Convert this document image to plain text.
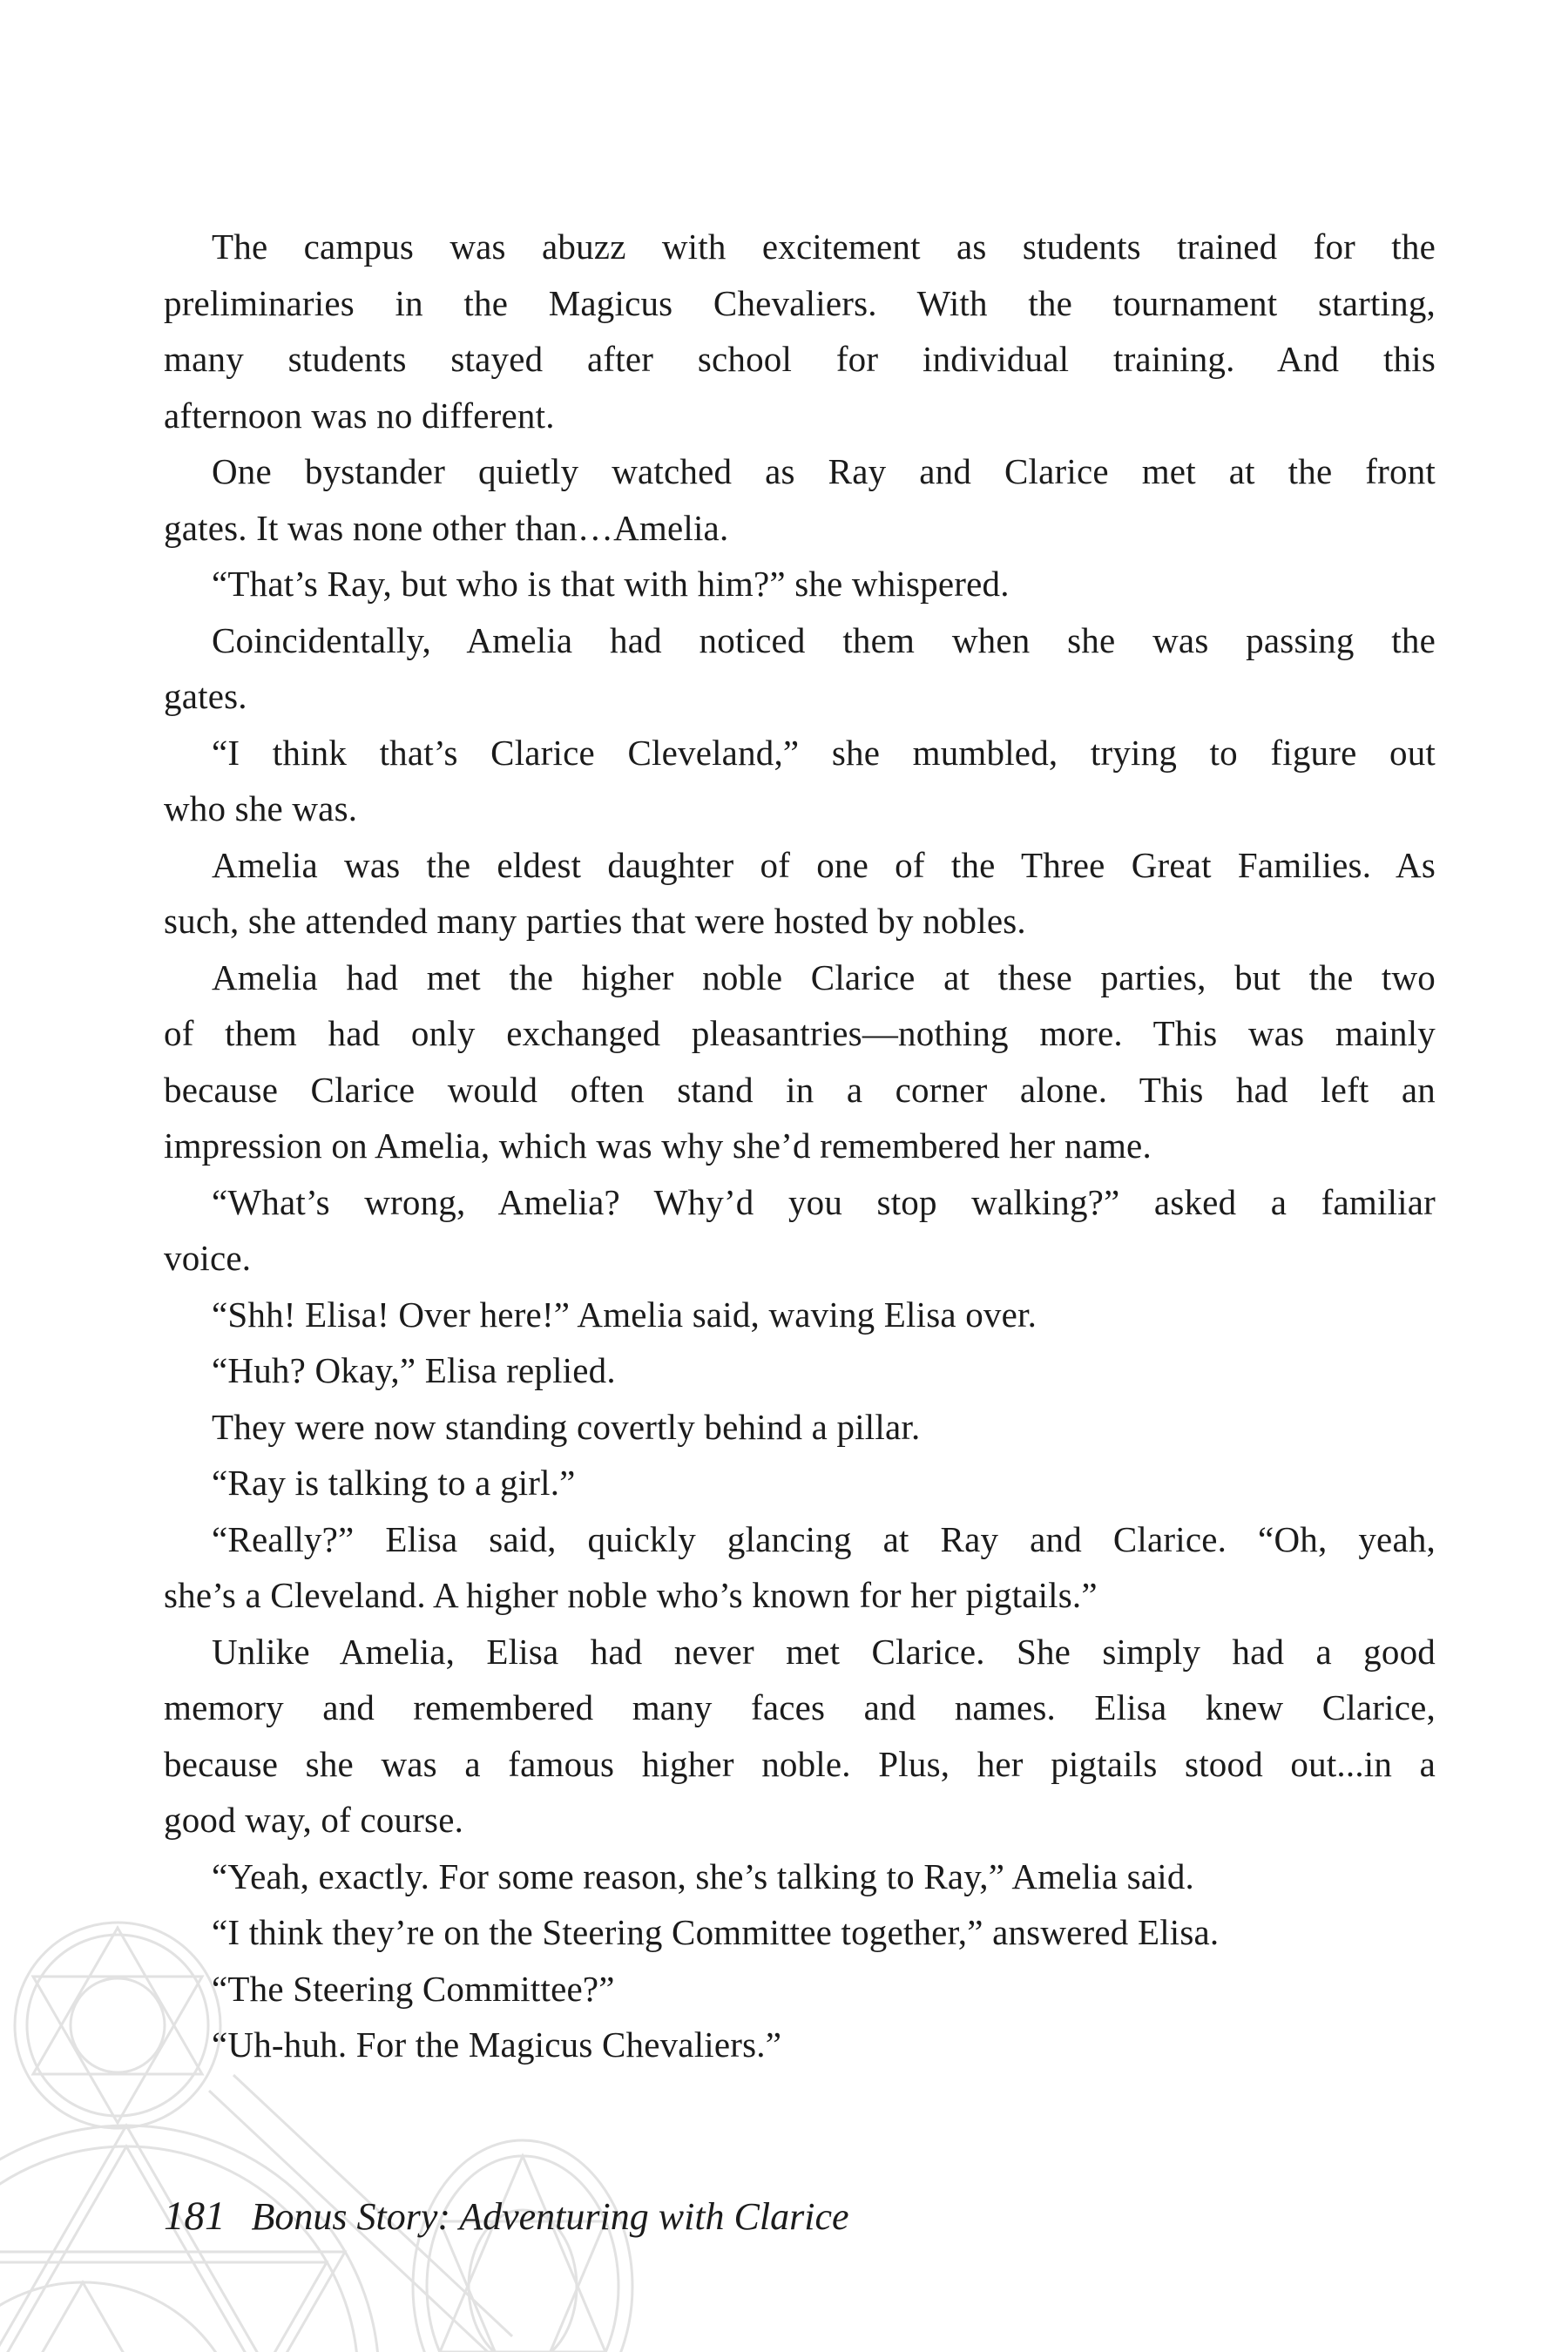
The campus was abuzz with excitement as students trained for the
preliminaries in the Magicus Chevaliers. With the tournament starting,
many students stayed after school for individual training. And this
afternoon was no different.
One bystander quietly watched as Ray and Clarice met at the front
gates. It was none other than…Amelia.
“That’s Ray, but who is that with him?” she whispered.
Coincidentally, Amelia had noticed them when she was passing the
gates.
“I think that’s Clarice Cleveland,” she mumbled, trying to figure out
who she was.
Amelia was the eldest daughter of one of the Three Great Families. As
such, she attended many parties that were hosted by nobles.
Amelia had met the higher noble Clarice at these parties, but the two
of them had only exchanged pleasantries—nothing more. This was mainly
because Clarice would often stand in a corner alone. This had left an
impression on Amelia, which was why she’d remembered her name.
“What’s wrong, Amelia? Why’d you stop walking?” asked a familiar
voice.
“Shh! Elisa! Over here!” Amelia said, waving Elisa over.
“Huh? Okay,” Elisa replied.
They were now standing covertly behind a pillar.
“Ray is talking to a girl.”
“Really?” Elisa said, quickly glancing at Ray and Clarice. “Oh, yeah,
she’s a Cleveland. A higher noble who’s known for her pigtails.”
Unlike Amelia, Elisa had never met Clarice. She simply had a good
memory and remembered many faces and names. Elisa knew Clarice,
because she was a famous higher noble. Plus, her pigtails stood out...in a
good way, of course.
“Yeah, exactly. For some reason, she’s talking to Ray,” Amelia said.
“I think they’re on the Steering Committee together,” answered Elisa.
“The Steering Committee?”
“Uh-huh. For the Magicus Chevaliers.”
181 Bonus Story: Adventuring with Clarice
